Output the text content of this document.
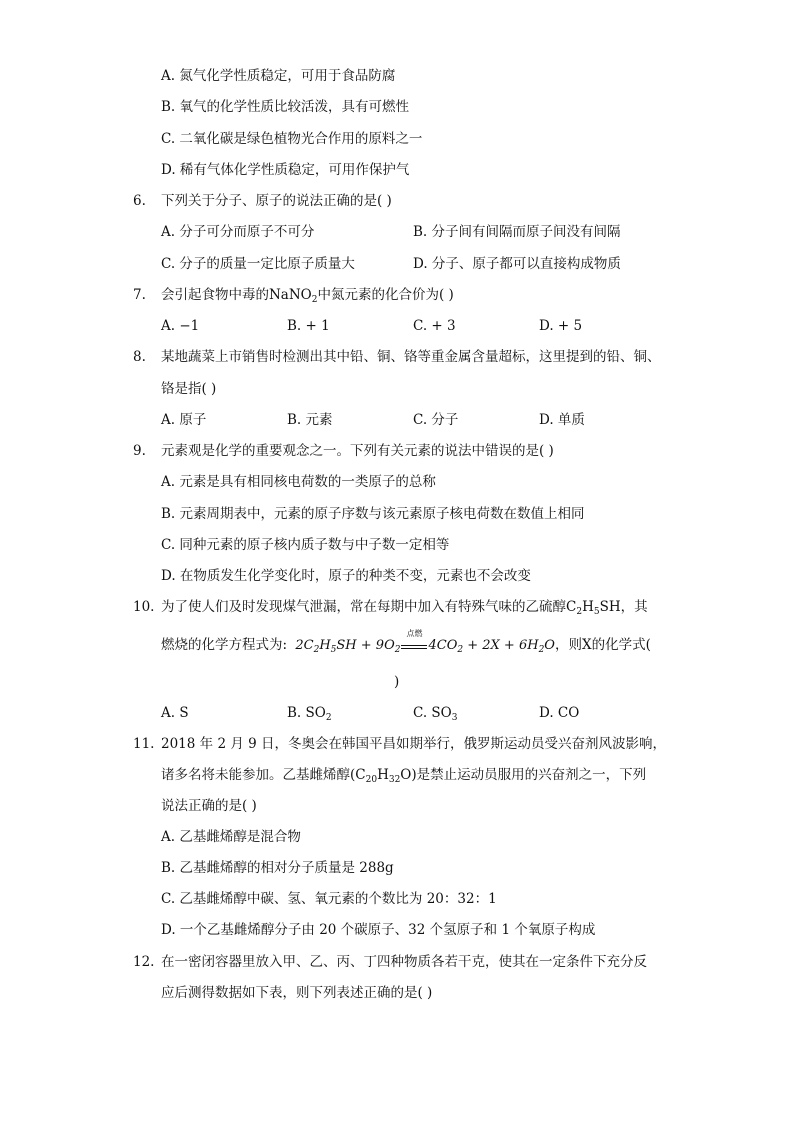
A. 氮气化学性质稳定，可用于食品防腐
B. 氧气的化学性质比较活泼，具有可燃性
C. 二氧化碳是绿色植物光合作用的原料之一
D. 稀有气体化学性质稳定，可用作保护气
6.	下列关于分子、原子的说法正确的是( )
A. 分子可分而原子不可分	B. 分子间有间隔而原子间没有间隔
C. 分子的质量一定比原子质量大	D. 分子、原子都可以直接构成物质
7.	会引起食物中毒的NaNO$_2$中氮元素的化合价为( )
A. −1	B. + 1	C. + 3	D. + 5
8.	某地蔬菜上市销售时检测出其中铅、铜、铬等重金属含量超标，这里提到的铅、铜、
铬是指( )
A. 原子	B. 元素	C. 分子	D. 单质
9.	元素观是化学的重要观念之一。下列有关元素的说法中错误的是( )
A. 元素是具有相同核电荷数的一类原子的总称
B. 元素周期表中，元素的原子序数与该元素原子核电荷数在数值上相同
C. 同种元素的原子核内质子数与中子数一定相等
D. 在物质发生化学变化时，原子的种类不变，元素也不会改变
10. 为了使人们及时发现煤气泄漏，常在每期中加入有特殊气味的乙硫醇$C_2H_5SH$，其
燃烧的化学方程式为: $2C_2H_5SH + 9O_2$
点燃
$4CO_2 + 2X + 6H_2O$，则X的化学式(
)
A. S	B. $SO_2$	C. $SO_3$	D. CO
11. 2018 年 2 月 9 日，冬奥会在韩国平昌如期举行，俄罗斯运动员受兴奋剂风波影响，
诸多名将未能参加。乙基雌烯醇$(C_{20}H_{32}O)$是禁止运动员服用的兴奋剂之一，下列
说法正确的是( )
A. 乙基雌烯醇是混合物
B. 乙基雌烯醇的相对分子质量是 288g
C. 乙基雌烯醇中碳、氢、氧元素的个数比为 20：32：1
D. 一个乙基雌烯醇分子由 20 个碳原子、32 个氢原子和 1 个氧原子构成
12. 在一密闭容器里放入甲、乙、丙、丁四种物质各若干克，使其在一定条件下充分反
应后测得数据如下表，则下列表述正确的是( )
